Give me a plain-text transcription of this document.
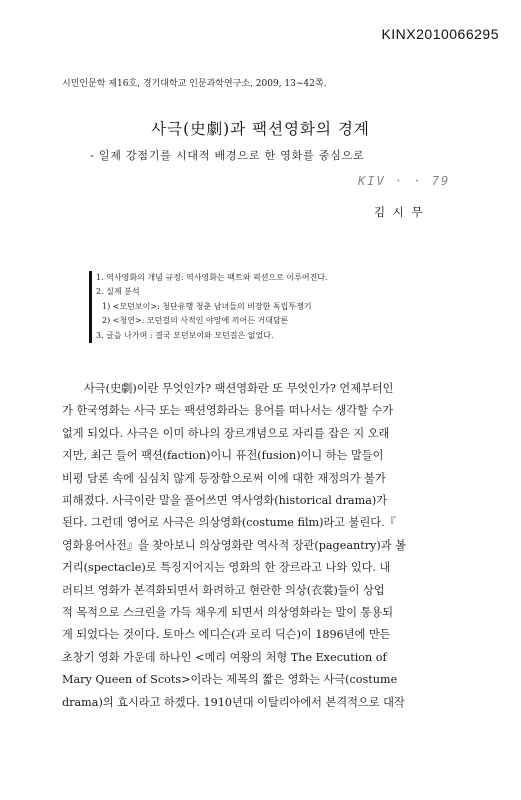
KINX2010066295
시민인문학 제16호, 경기대학교 인문과학연구소, 2009, 13~42쪽.
사극(史劇)과 팩션영화의 경계
- 일제 강점기를 시대적 배경으로 한 영화를 중심으로
KIV · · 79
김 시 무
1. 역사영화의 개념 규정: 역사영화는 팩트와 픽션으로 이루어진다.
2. 실제 분석
1) <모던보이>: 청단유행 청춘 남녀들의 비장한 독립투쟁기
2) <청연>: 모던걸의 사적인 야망에 끼어든 거대담론
3. 글을 나가며 : 결국 모던보이와 모던걸은 없었다.
사극(史劇)이란 무엇인가? 팩션영화란 또 무엇인가? 언제부터인
가 한국영화는 사극 또는 팩션영화라는 용어를 떠나서는 생각할 수가
없게 되었다. 사극은 이미 하나의 장르개념으로 자리를 잡은 지 오래
지만, 최근 들어 팩션(faction)이니 퓨전(fusion)이니 하는 말들이
비평 담론 속에 심심치 않게 등장함으로써 이에 대한 재정의가 불가
피해졌다. 사극이란 말을 풀어쓰면 역사영화(historical drama)가
된다. 그런데 영어로 사극은 의상영화(costume film)라고 불린다.『
영화용어사전』을 찾아보니 의상영화란 역사적 장관(pageantry)과 볼
거리(spectacle)로 특징지어지는 영화의 한 장르라고 나와 있다. 내
러티브 영화가 본격화되면서 화려하고 현란한 의상(衣裳)들이 상업
적 목적으로 스크린을 가득 채우게 되면서 의상영화라는 말이 통용되
게 되었다는 것이다. 토마스 에디슨(과 로리 딕슨)이 1896년에 만든
초창기 영화 가운데 하나인 <메리 여왕의 처형 The Execution of
Mary Queen of Scots>이라는 제목의 짧은 영화는 사극(costume
drama)의 효시라고 하겠다. 1910년대 이탈리아에서 본격적으로 대작
